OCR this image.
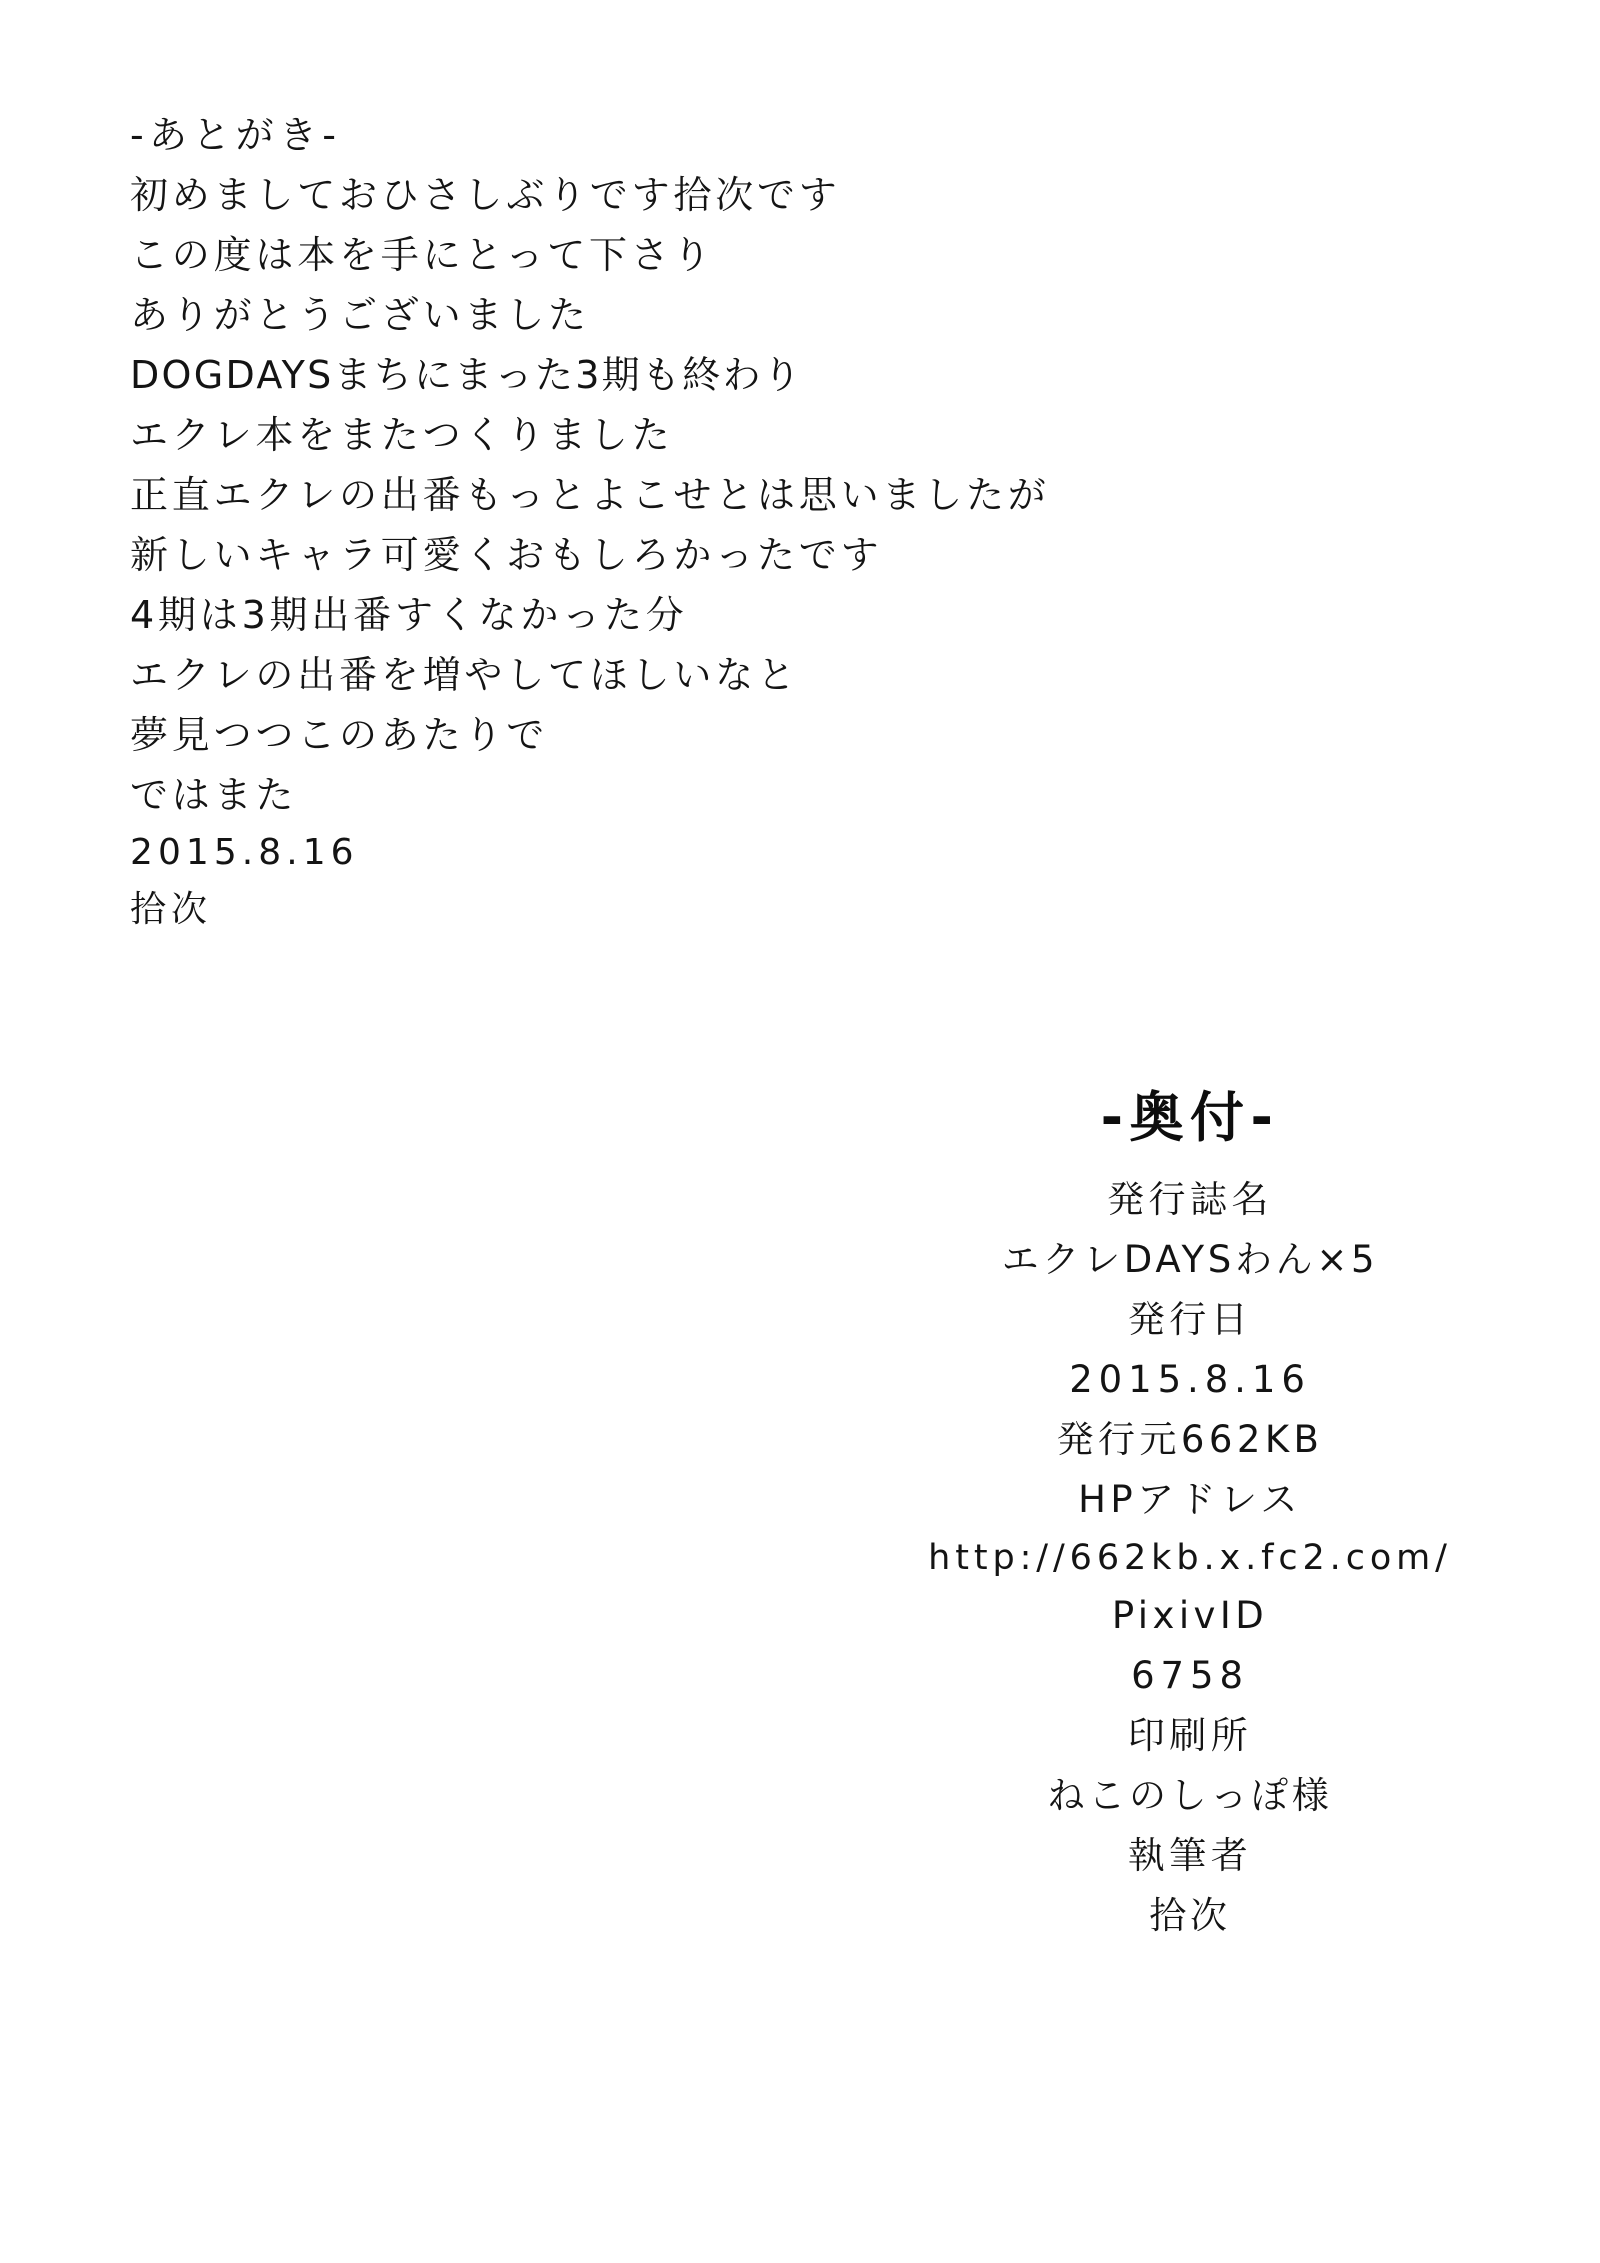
-あとがき-
初めましておひさしぶりです拾次です
この度は本を手にとって下さり
ありがとうございました
DOGDAYSまちにまった3期も終わり
エクレ本をまたつくりました
正直エクレの出番もっとよこせとは思いましたが
新しいキャラ可愛くおもしろかったです
4期は3期出番すくなかった分
エクレの出番を増やしてほしいなと
夢見つつこのあたりで
ではまた
2015.8.16
拾次
-奥付-
発行誌名
エクレDAYSわん×5
発行日
2015.8.16
発行元662KB
HPアドレス
http://662kb.x.fc2.com/
PixivID
6758
印刷所
ねこのしっぽ様
執筆者
拾次
